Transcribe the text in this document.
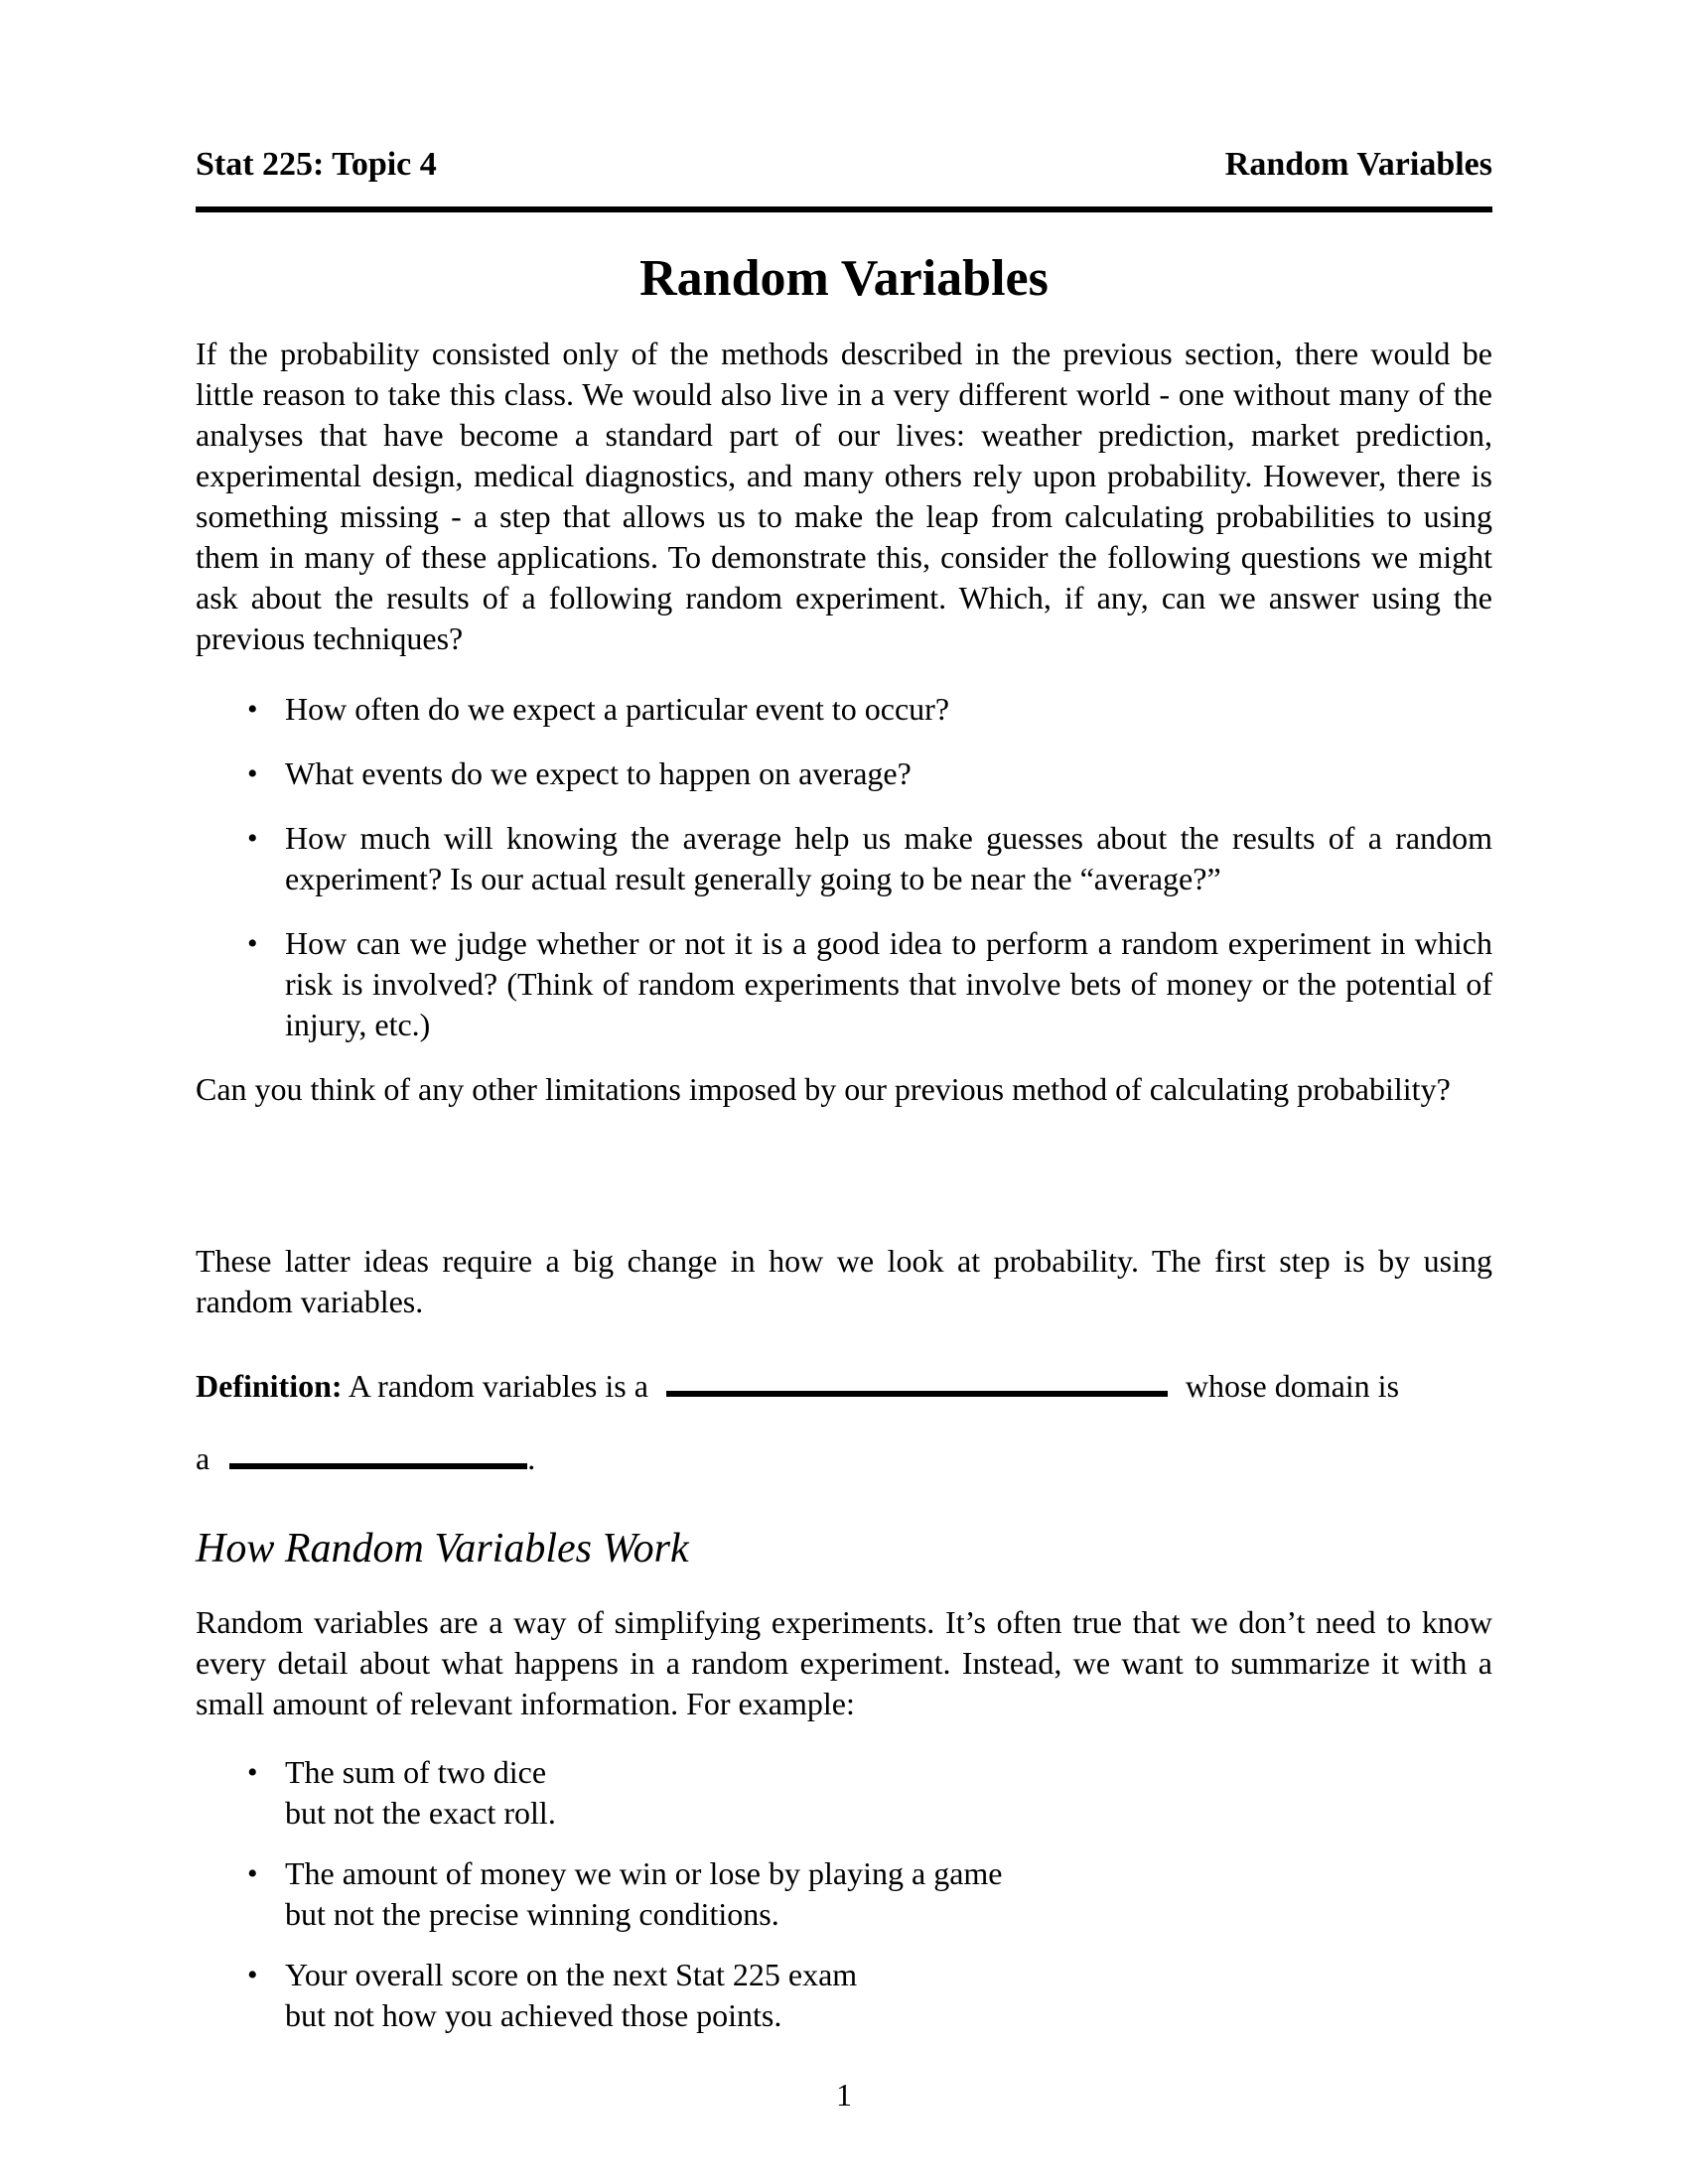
Stat 225: Topic 4	Random Variables
Random Variables

If the probability consisted only of the methods described in the previous section, there would be little reason to take this class. We would also live in a very different world - one without many of the analyses that have become a standard part of our lives: weather prediction, market prediction, experimental design, medical diagnostics, and many others rely upon probability. However, there is something missing - a step that allows us to make the leap from calculating probabilities to using them in many of these applications. To demonstrate this, consider the following questions we might ask about the results of a following random experiment. Which, if any, can we answer using the previous techniques?

• How often do we expect a particular event to occur?
• What events do we expect to happen on average?
• How much will knowing the average help us make guesses about the results of a random experiment? Is our actual result generally going to be near the “average?”
• How can we judge whether or not it is a good idea to perform a random experiment in which risk is involved? (Think of random experiments that involve bets of money or the potential of injury, etc.)

Can you think of any other limitations imposed by our previous method of calculating probability?

These latter ideas require a big change in how we look at probability. The first step is by using random variables.

Definition: A random variables is a	whose domain is

a	.

How Random Variables Work

Random variables are a way of simplifying experiments. It’s often true that we don’t need to know every detail about what happens in a random experiment. Instead, we want to summarize it with a small amount of relevant information. For example:

• The sum of two dice
but not the exact roll.
• The amount of money we win or lose by playing a game
but not the precise winning conditions.
• Your overall score on the next Stat 225 exam
but not how you achieved those points.
1
